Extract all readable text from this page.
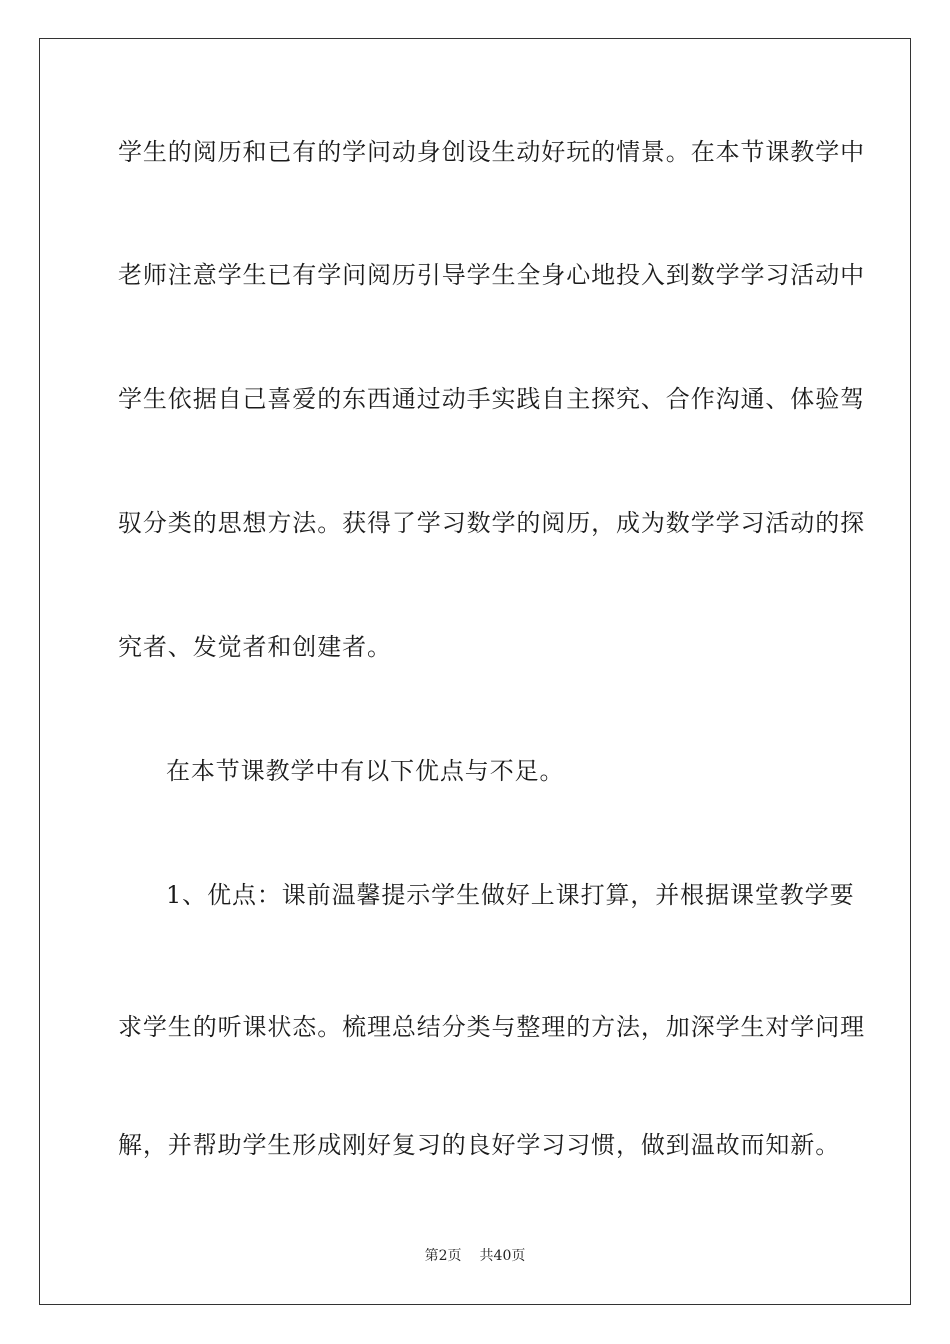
学生的阅历和已有的学问动身创设生动好玩的情景。在本节课教学中
老师注意学生已有学问阅历引导学生全身心地投入到数学学习活动中
学生依据自己喜爱的东西通过动手实践自主探究、合作沟通、体验驾
驭分类的思想方法。获得了学习数学的阅历，成为数学学习活动的探
究者、发觉者和创建者。
在本节课教学中有以下优点与不足。
1、优点：课前温馨提示学生做好上课打算，并根据课堂教学要
求学生的听课状态。梳理总结分类与整理的方法，加深学生对学问理
解，并帮助学生形成刚好复习的良好学习习惯，做到温故而知新。
第2页 共40页
